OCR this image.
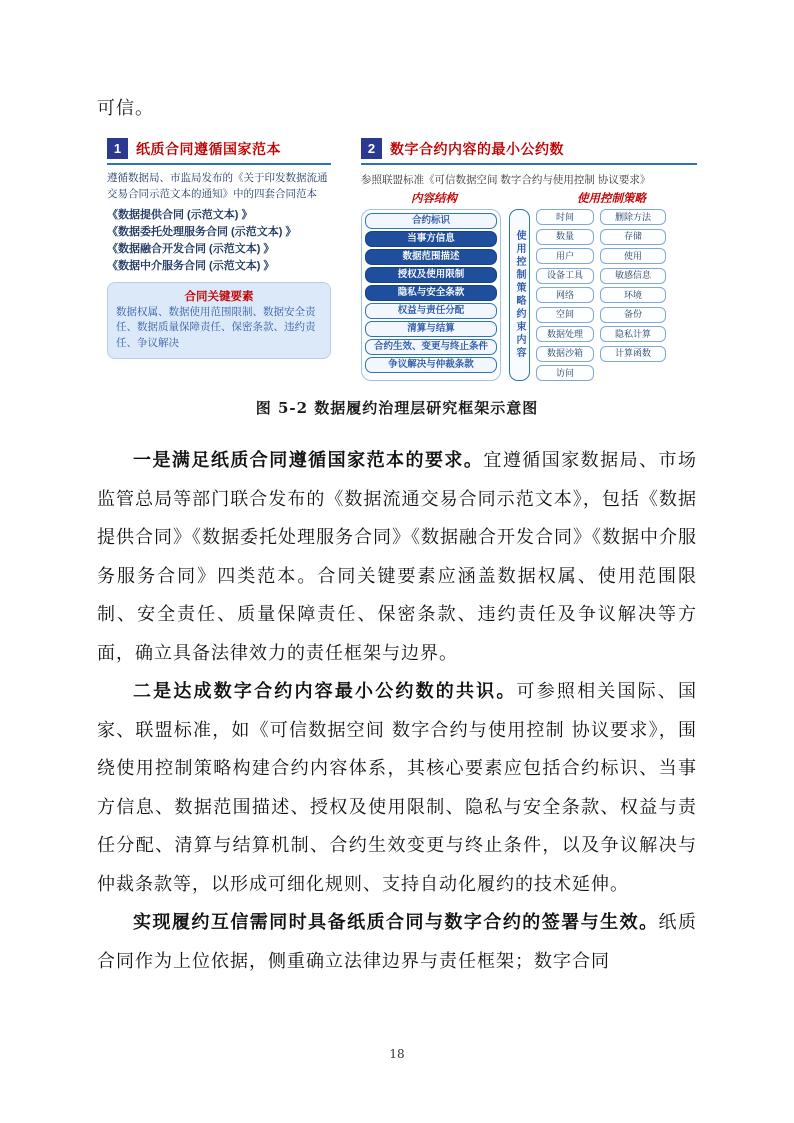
可信。

1	纸质合同遵循国家范本

遵循数据局、市监局发布的《关于印发数据流通交易合同示范文本的通知》中的四套合同范本

《数据提供合同 (示范文本) 》
《数据委托处理服务合同 (示范文本) 》
《数据融合开发合同 (示范文本) 》
《数据中介服务合同 (示范文本) 》
合同关键要素
数据权属、数据使用范围限制、数据安全责任、数据质量保障责任、保密条款、违约责任、争议解决
2	数字合约内容的最小公约数

参照联盟标准《可信数据空间 数字合约与使用控制 协议要求》

内容结构	使用控制策略
合约标识
当事方信息
数据范围描述
授权及使用限制
隐私与安全条款
权益与责任分配
清算与结算
合约生效、变更与终止条件
争议解决与仲裁条款
使用控制策略约束内容
时间
数量
用户
设备工具
网络
空间
数据处理
数据沙箱
访问
删除方法
存储
使用
敏感信息
环境
备份
隐私计算
计算函数

图 5-2 数据履约治理层研究框架示意图

一是满足纸质合同遵循国家范本的要求。宜遵循国家数据局、市场监管总局等部门联合发布的《数据流通交易合同示范文本》，包括《数据提供合同》《数据委托处理服务合同》《数据融合开发合同》《数据中介服务服务合同》四类范本。合同关键要素应涵盖数据权属、使用范围限制、安全责任、质量保障责任、保密条款、违约责任及争议解决等方面，确立具备法律效力的责任框架与边界。

二是达成数字合约内容最小公约数的共识。可参照相关国际、国家、联盟标准，如《可信数据空间 数字合约与使用控制 协议要求》，围绕使用控制策略构建合约内容体系，其核心要素应包括合约标识、当事方信息、数据范围描述、授权及使用限制、隐私与安全条款、权益与责任分配、清算与结算机制、合约生效变更与终止条件，以及争议解决与仲裁条款等，以形成可细化规则、支持自动化履约的技术延伸。

实现履约互信需同时具备纸质合同与数字合约的签署与生效。纸质合同作为上位依据，侧重确立法律边界与责任框架；数字合同

18
